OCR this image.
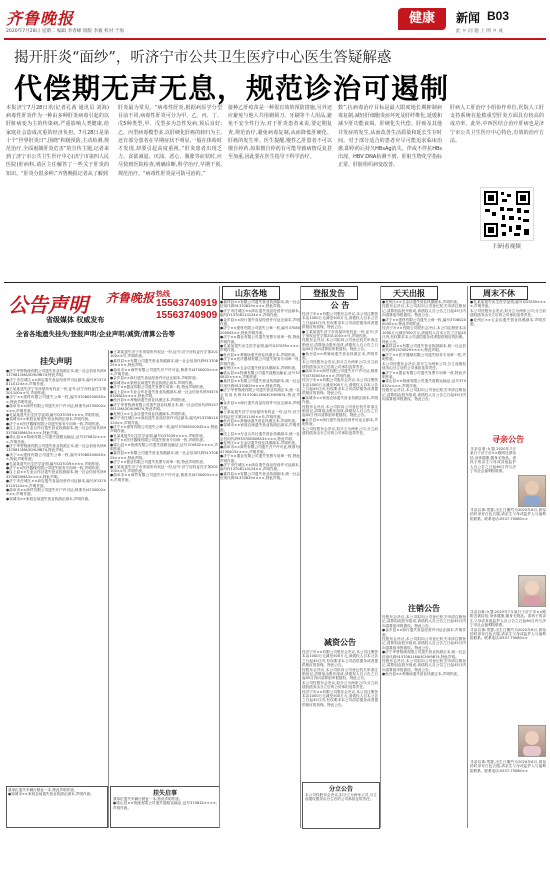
齐鲁晚报
2020年7月28日 星期二 编辑 李青峰 组版 李毅 校对 于海
健康	新闻 B03
此 ＃ 问 题 上 网 ＃ 成
揭开肝炎“面纱”，听济宁市公共卫生医疗中心医生答疑解惑
代偿期无声无息，规范诊治可遏制

本报济宁7月28日讯(记者孔茜 通讯员 刘海) 病毒性肝炎作为一种由多种肝炎病毒引起的以肝脏病变为主的传染病,严重影响人类健康,给家庭社会造成沉重的经济负担。7月28日是第十个“世界肝炎日”,围绕“积极预防,主动检测,规范治疗,全面遏制肝炎危害”的宣传主题,记者来到了济宁市公共卫生医疗中心(济宁市第四人民医院)肝病科,请区主任解答了一些关于肝炎的知识。“肝炎分很多种,”齐鲁晚报记者从了解到

肝炎最为常见。“病毒性肝炎,根据病原学分型目前不同,病毒性肝炎可分为甲、乙、丙、丁、戊5种类型,甲、戊型多为急性发病,预后良好;乙、丙型病毒模型多,以肝硬化肝癌的转归为主,还有部分患者在早期症状不明显,一般在体检时才发现,却要引起高度重视。”肝炎患者出现乏力、食欲减退、厌油、恶心、腹胀等症状时,应尽快到医院检查,明确诊断,科学治疗,早期干预,规范治疗。“病毒性肝炎是可防可治的。”

接种乙肝疫苗是一种很有效的预防措施,另外还应避免与他人共用剃须刀、牙刷等个人用品,避免不安全性行为,对于肝炎患者来说,要定期复查,规范治疗,避免病毒复制,从而降低肝硬化、肝癌的发生率。医生提醒,慢性乙肝患者不可以擅自停药,如果擅自停药有可能导致病情反复甚至加重,因此要在医生指导下科学治疗。

数”,抗病毒治疗目标是最大限度地长期抑制病毒复制,减轻肝细胞炎症坏死及肝纤维化,延缓和减少肝功能衰竭、肝硬化失代偿、肝癌及其他并发症的发生,从而改善生活质量和延长生存时间。对于部分适合的患者应尽可能追求临床治愈,即停药后持久HBsAg消失、伴或不伴抗HBs出现、HBV DNA检测不到、肝脏生物化学指标正常、肝脏组织病变改善。

肝病人工肝治疗小组协作单位,医院人工肝支持系统在抢救重型肝炎方面具有较高的成功率。此外,中西医结合治疗肝病也是济宁市公共卫生医疗中心特色,有效的治疗方法。

扫码看视频
公告声明 齐鲁晚报 热线
15563740919
15563740909
省级媒体 权威发布
全省各地遗失挂失/登报声明/企业声明/减资/清算公告等
挂失声明
山东各地	登报发告	天天出报	周末不休

●济宁华誉物流有限公司遗失营业执照正本,统一社会信用代码91370811MA3CHU9B74,特此声明。

●济宁市任城区××商店遗失食品经营许可证副本,编号JY13708110124××,声明作废。

●王某某遗失济宁市房屋所有权证一份,证号:济宁房权证任字第201100××号,声明作废。

●济宁××建材有限公司遗失公章一枚,编号37080200045××,特此声明作废。

●曲阜市××商贸有限公司遗失开户许可证,核准号J4730003××××,声明作废。

●孔某某遗失出生医学证明,编号Q37039××××,声明作废。

●邹城市××家庭农场遗失营业执照正副本,声明作废。

●济宁××医疗器械有限公司遗失财务专用章一枚,声明作废。

●汶上县××专业合作社遗失营业执照副本,统一社会信用代码93370830MA3××××,特此声明。

●梁山县××物流有限公司遗失道路运输证,证号370832××××,声明作废。

●济宁华誉物流有限公司遗失营业执照正本,统一社会信用代码91370811MA3CHU9B74,特此声明。

●济宁××建材有限公司遗失公章一枚,编号37080200045××,特此声明作废。

●孔某某遗失出生医学证明,编号Q37039××××,声明作废。

●济宁××医疗器械有限公司遗失财务专用章一枚,声明作废。

●汶上县××专业合作社遗失营业执照副本,统一社会信用代码93370830MA3××××,特此声明。

●济宁市任城区××商店遗失食品经营许可证副本,编号JY13708110124××,声明作废。

●曲阜市××商贸有限公司遗失开户许可证,核准号J4730003××××,声明作废。

●邹城市××家庭农场遗失营业执照正副本,声明作废。

●王某某遗失济宁市房屋所有权证一份,证号:济宁房权证任字第201100××号,声明作废。

●嘉祥县××有限公司遗失营业执照副本,统一社会信用代码91370829××××,特此声明。

●曲阜市××商贸有限公司遗失开户许可证,核准号J4730003××××,声明作废。

●金乡县××商行遗失食品经营许可证正副本,声明作废。

●邹城市××家庭农场遗失营业执照正副本,声明作废。

●济宁××置业有限公司遗失发票专用章一枚,特此声明作废。

●汶上县××专业合作社遗失营业执照副本,统一社会信用代码93370830MA3××××,特此声明。

●鱼台县××养殖场遗失营业执照正本,声明作废。

●济宁华誉物流有限公司遗失营业执照正本,统一社会信用代码91370811MA3CHU9B74,特此声明。

●兖州区××五金店遗失营业执照副本,声明作废。

●济宁市任城区××商店遗失食品经营许可证副本,编号JY13708110124××,声明作废。

●济宁××建材有限公司遗失公章一枚,编号37080200045××,特此声明作废。

●孔某某遗失出生医学证明,编号Q37039××××,声明作废。

●济宁××医疗器械有限公司遗失财务专用章一枚,声明作废。

●梁山县××物流有限公司遗失道路运输证,证号370832××××,声明作废。

●嘉祥县××有限公司遗失营业执照副本,统一社会信用代码91370829××××,特此声明。

●济宁××置业有限公司遗失发票专用章一枚,特此声明作废。

●王某某遗失济宁市房屋所有权证一份,证号:济宁房权证任字第201100××号,声明作废。

●曲阜市××商贸有限公司遗失开户许可证,核准号J4730003××××,声明作废。

●嘉祥县××有限公司遗失营业执照副本,统一社会信用代码91370829××××,特此声明。

●济宁市任城区××商店遗失食品经营许可证副本,编号JY13708110124××,声明作废。

●金乡县××商行遗失食品经营许可证正副本,声明作废。

●济宁××建材有限公司遗失公章一枚,编号37080200045××,特此声明作废。

●济宁××置业有限公司遗失发票专用章一枚,特此声明作废。

●孔某某遗失出生医学证明,编号Q37039××××,声明作废。

●鱼台县××养殖场遗失营业执照正本,声明作废。

●济宁××医疗器械有限公司遗失财务专用章一枚,声明作废。

●兖州区××五金店遗失营业执照副本,声明作废。

●梁山县××物流有限公司遗失道路运输证,证号370832××××,声明作废。

●嘉祥县××有限公司遗失营业执照副本,统一社会信用代码91370829××××,特此声明。

●济宁华誉物流有限公司遗失营业执照正本,统一社会信用代码91370811MA3CHU9B74,特此声明。

●金乡县××商行遗失食品经营许可证正副本,声明作废。

●王某某遗失济宁市房屋所有权证一份,证号:济宁房权证任字第201100××号,声明作废。

●鱼台县××养殖场遗失营业执照正本,声明作废。

●邹城市××家庭农场遗失营业执照正副本,声明作废。

●汶上县××专业合作社遗失营业执照副本,统一社会信用代码93370830MA3××××,特此声明。

●兖州区××五金店遗失营业执照副本,声明作废。

●曲阜市××商贸有限公司遗失开户许可证,核准号J4730003××××,声明作废。

●济宁××置业有限公司遗失发票专用章一枚,特此声明作废。

●济宁市任城区××商店遗失食品经营许可证副本,编号JY13708110124××,声明作废。

●嘉祥县××有限公司遗失营业执照副本,统一社会信用代码91370829××××,特此声明。

公 告

经济宁市××有限公司股东会决议,本公司注册资本由1000万元减至500万元,请债权人自本公告之日起45日内,有权要求本公司清偿债务或者提供相应的担保。特此公告。

●王某某遗失济宁市房屋所有权证一份,证号:济宁房权证任字第201100××号,声明作废。

经股东会决议,本公司拟向公司登记机关申请注销登记,清算组由股东组成,请债权人自公告之日起45日内向清算组申报债权。特此公告。

●鱼台县××养殖场遗失营业执照正本,声明作废。

本公司经股东会决议,拟分立为两家公司,分立前债权债务由分立后的公司承担连带责任。

●曲阜市××商贸有限公司遗失开户许可证,核准号J4730003××××,声明作废。

经济宁市××有限公司股东会决议,本公司注册资本由1000万元减至500万元,请债权人自本公告之日起45日内,有权要求本公司清偿债务或者提供相应的担保。特此公告。

●邹城市××家庭农场遗失营业执照正副本,声明作废。

经股东会决议,本公司拟向公司登记机关申请注销登记,清算组由股东组成,请债权人自公告之日起45日内向清算组申报债权。特此公告。

●金乡县××商行遗失食品经营许可证正副本,声明作废。

本公司经股东会决议,拟分立为两家公司,分立前债权债务由分立后的公司承担连带责任。

减资公告

经济宁市××有限公司股东会决议,本公司注册资本由1000万元减至500万元,请债权人自本公告之日起45日内,有权要求本公司清偿债务或者提供相应的担保。特此公告。

经股东会决议,本公司拟向公司登记机关申请注销登记,清算组由股东组成,请债权人自公告之日起45日内向清算组申报债权。特此公告。

本公司经股东会决议,拟分立为两家公司,分立前债权债务由分立后的公司承担连带责任。

经济宁市××有限公司股东会决议,本公司注册资本由1000万元减至500万元,请债权人自本公告之日起45日内,有权要求本公司清偿债务或者提供相应的担保。特此公告。

●兖州区××五金店遗失营业执照副本,声明作废。

经股东会决议,本公司拟向公司登记机关申请注销登记,清算组由股东组成,请债权人自公告之日起45日内向清算组申报债权。特此公告。

●济宁××建材有限公司遗失公章一枚,编号37080200045××,特此声明作废。

经济宁市××有限公司股东会决议,本公司注册资本由1000万元减至500万元,请债权人自本公告之日起45日内,有权要求本公司清偿债务或者提供相应的担保。特此公告。

●嘉祥县××有限公司遗失营业执照副本,统一社会信用代码91370829××××,特此声明。

●济宁××医疗器械有限公司遗失财务专用章一枚,声明作废。

本公司经股东会决议,拟分立为两家公司,分立前债权债务由分立后的公司承担连带责任。

●济宁××置业有限公司遗失发票专用章一枚,特此声明作废。

●梁山县××物流有限公司遗失道路运输证,证号370832××××,声明作废。

经股东会决议,本公司拟向公司登记机关申请注销登记,清算组由股东组成,请债权人自公告之日起45日内向清算组申报债权。特此公告。

注销公告

经股东会决议,本公司拟向公司登记机关申请注销登记,清算组由股东组成,请债权人自公告之日起45日内向清算组申报债权。特此公告。

●金乡县××商行遗失食品经营许可证正副本,声明作废。

经股东会决议,本公司拟向公司登记机关申请注销登记,清算组由股东组成,请债权人自公告之日起45日内向清算组申报债权。特此公告。

●济宁华誉物流有限公司遗失营业执照正本,统一社会信用代码91370811MA3CHU9B74,特此声明。

经股东会决议,本公司拟向公司登记机关申请注销登记,清算组由股东组成,请债权人自公告之日起45日内向清算组申报债权。特此公告。

●鱼台县××养殖场遗失营业执照正本,声明作废。

●孔某某遗失出生医学证明,编号Q37039××××,声明作废。

本公司经股东会决议,拟分立为两家公司,分立前债权债务由分立后的公司承担连带责任。

●兖州区××五金店遗失营业执照副本,声明作废。

寻亲公告

寻亲启事:女婴,2020年7月某日于济宁市××路附近被捡拾,身体健康,随身无物品。请孩子的亲生父母或其他监护人自公告之日起60日内与济宁市社会福利院联系。

寻亲启事:男婴,出生日期约为2020年6月,被捡拾时身穿白色衣服,请亲生父母或监护人与福利院联系。联系电话:0537-75080××

寻亲启事:女婴,2020年7月某日于济宁市××路附近被捡拾,身体健康,随身无物品。请孩子的亲生父母或其他监护人自公告之日起60日内与济宁市社会福利院联系。

寻亲启事:男婴,出生日期约为2020年6月,被捡拾时身穿白色衣服,请亲生父母或监护人与福利院联系。联系电话:0537-75080××

寻亲启事:男婴,出生日期约为2020年6月,被捡拾时身穿白色衣服,请亲生父母或监护人与福利院联系。联系电话:0537-75080××

分立公告

本公司经股东会决议,拟分立为两家公司,分立前债权债务由分立后的公司承担连带责任。

我单位遗失车辆行驶证一本,特此声明作废。

●邹城市××家庭农场遗失营业执照正副本,声明作废。	挂失启事

我单位遗失车辆行驶证一本,特此声明作废。

●梁山县××物流有限公司遗失道路运输证,证号370832××××,声明作废。
